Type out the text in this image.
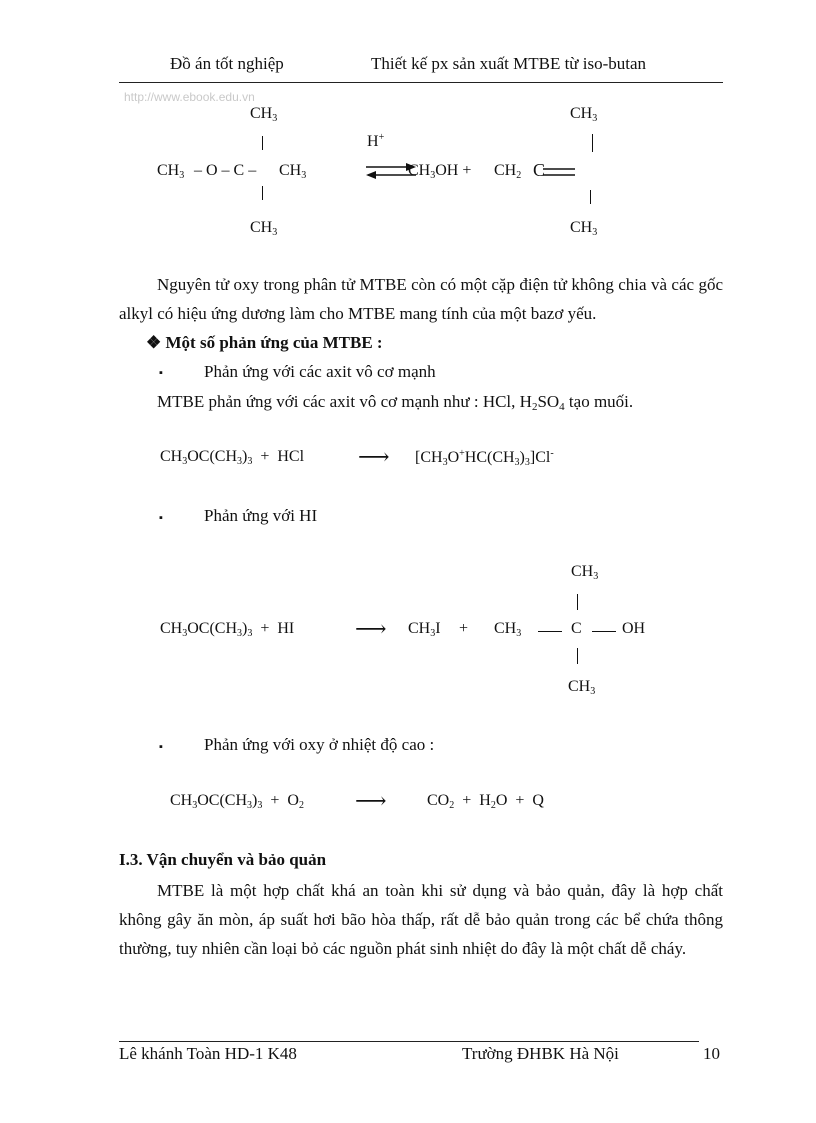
Đồ án tốt nghiệp	Thiết kế px sản xuất MTBE từ iso-butan
http://www.ebook.edu.vn
$CH_3$
$CH_3$ – O – C – $CH_3$
$CH_3$
H+
$CH_3OH + CH_2$ C
$CH_3$
$CH_3$

Nguyên tử oxy trong phân tử MTBE còn có một cặp điện tử không chia và các gốc alkyl có hiệu ứng dương làm cho MTBE mang tính của một bazơ yếu.

❖ Một số phản ứng của MTBE :
▪ Phản ứng với các axit vô cơ mạnh
MTBE phản ứng với các axit vô cơ mạnh như : HCl, $H_2SO_4$ tạo muối.
$CH_3OC(CH_3)_3$ + HCl ⟶ $[CH_3O^+HC(CH_3)_3]Cl^-$
▪ Phản ứng với HI
$CH_3$
$CH_3OC(CH_3)_3$ + HI	⟶ $CH_3I + CH_3$	C	OH
$CH_3$
▪ Phản ứng với oxy ở nhiệt độ cao :
$CH_3OC(CH_3)_3 + O_2$ ⟶	$CO_2 + H_2O + Q$
I.3. Vận chuyển và bảo quản

MTBE là một hợp chất khá an toàn khi sử dụng và bảo quản, đây là hợp chất không gây ăn mòn, áp suất hơi bão hòa thấp, rất dễ bảo quản trong các bể chứa thông thường, tuy nhiên cần loại bỏ các nguồn phát sinh nhiệt do đây là một chất dễ cháy.

Lê khánh Toàn HD-1 K48	Trường ĐHBK Hà Nội	10
